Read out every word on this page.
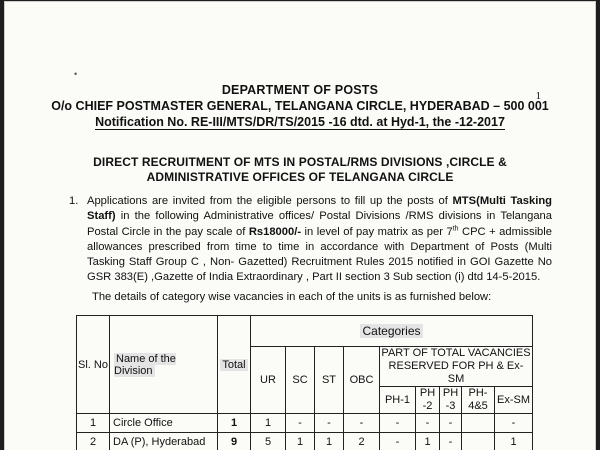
•
1
DEPARTMENT OF POSTS
O/o CHIEF POSTMASTER GENERAL, TELANGANA CIRCLE, HYDERABAD – 500 001
Notification No. RE-III/MTS/DR/TS/2015 -16 dtd. at Hyd-1, the -12-2017
DIRECT RECRUITMENT OF MTS IN POSTAL/RMS DIVISIONS ,CIRCLE &
ADMINISTRATIVE OFFICES OF TELANGANA CIRCLE
1. Applications are invited from the eligible persons to fill up the posts of MTS(Multi Tasking Staff) in the following Administrative offices/ Postal Divisions /RMS divisions in Telangana Postal Circle in the pay scale of Rs18000/- in level of pay matrix as per 7th CPC + admissible allowances prescribed from time to time in accordance with Department of Posts (Multi Tasking Staff Group C , Non- Gazetted) Recruitment Rules 2015 notified in GOI Gazette No GSR 383(E) ,Gazette of India Extraordinary , Part II section 3 Sub section (i) dtd 14-5-2015.
The details of category wise vacancies in each of the units is as furnished below:
Sl. No	Name of the Division	Total	Categories								
			UR	SC	ST	OBC	PART OF TOTAL VACANCIES RESERVED FOR PH & Ex-SM				
							PH-1	PH -2	PH -3	PH- 4&5	Ex-SM
1	Circle Office	1	1	-	-	-	-	-	-		-
2	DA (P), Hyderabad	9	5	1	1	2	-	1	-		1
